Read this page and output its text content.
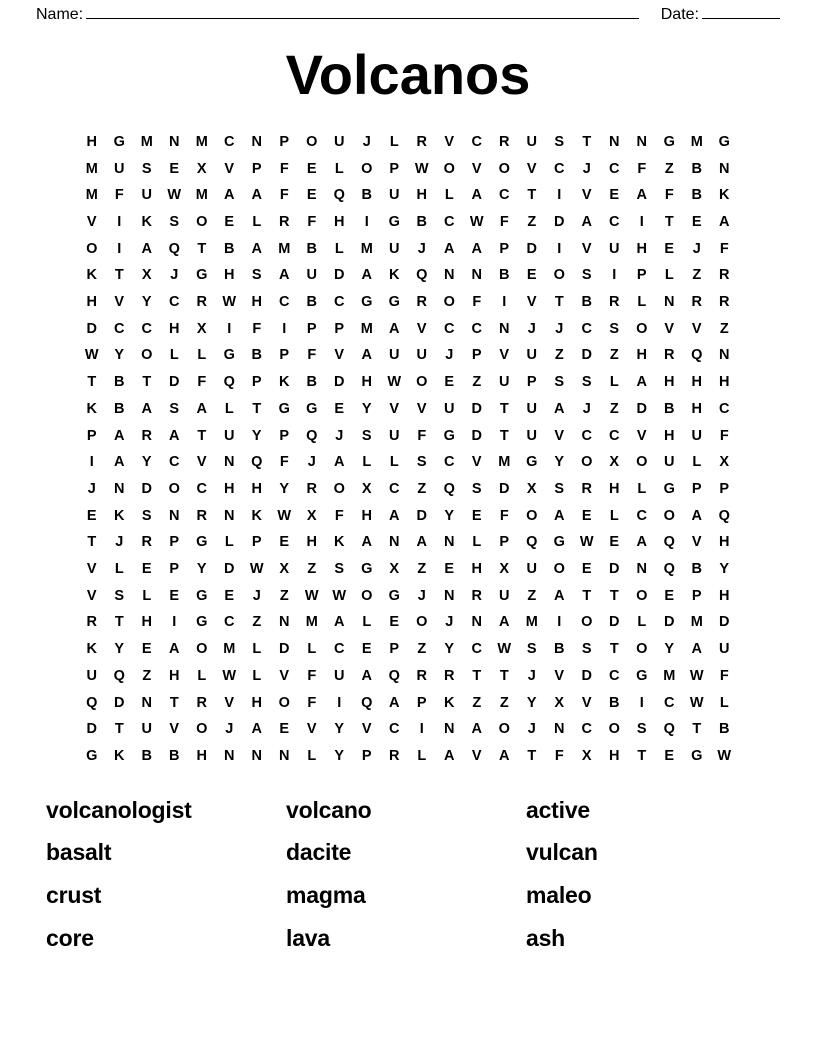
Name:	Date:
Volcanos
H	G	M	N	M	C	N	P	O	U	J	L	R	V	C	R	U	S	T	N	N	G	M	G
M	U	S	E	X	V	P	F	E	L	O	P	W	O	V	O	V	C	J	C	F	Z	B	N
M	F	U	W	M	A	A	F	E	Q	B	U	H	L	A	C	T	I	V	E	A	F	B	K
V	I	K	S	O	E	L	R	F	H	I	G	B	C	W	F	Z	D	A	C	I	T	E	A
O	I	A	Q	T	B	A	M	B	L	M	U	J	A	A	P	D	I	V	U	H	E	J	F
K	T	X	J	G	H	S	A	U	D	A	K	Q	N	N	B	E	O	S	I	P	L	Z	R
H	V	Y	C	R	W	H	C	B	C	G	G	R	O	F	I	V	T	B	R	L	N	R	R
D	C	C	H	X	I	F	I	P	P	M	A	V	C	C	N	J	J	C	S	O	V	V	Z
W	Y	O	L	L	G	B	P	F	V	A	U	U	J	P	V	U	Z	D	Z	H	R	Q	N
T	B	T	D	F	Q	P	K	B	D	H	W	O	E	Z	U	P	S	S	L	A	H	H	H
K	B	A	S	A	L	T	G	G	E	Y	V	V	U	D	T	U	A	J	Z	D	B	H	C
P	A	R	A	T	U	Y	P	Q	J	S	U	F	G	D	T	U	V	C	C	V	H	U	F
I	A	Y	C	V	N	Q	F	J	A	L	L	S	C	V	M	G	Y	O	X	O	U	L	X
J	N	D	O	C	H	H	Y	R	O	X	C	Z	Q	S	D	X	S	R	H	L	G	P	P
E	K	S	N	R	N	K	W	X	F	H	A	D	Y	E	F	O	A	E	L	C	O	A	Q
T	J	R	P	G	L	P	E	H	K	A	N	A	N	L	P	Q	G	W	E	A	Q	V	H
V	L	E	P	Y	D	W	X	Z	S	G	X	Z	E	H	X	U	O	E	D	N	Q	B	Y
V	S	L	E	G	E	J	Z	W	W	O	G	J	N	R	U	Z	A	T	T	O	E	P	H
R	T	H	I	G	C	Z	N	M	A	L	E	O	J	N	A	M	I	O	D	L	D	M	D
K	Y	E	A	O	M	L	D	L	C	E	P	Z	Y	C	W	S	B	S	T	O	Y	A	U
U	Q	Z	H	L	W	L	V	F	U	A	Q	R	R	T	T	J	V	D	C	G	M	W	F
Q	D	N	T	R	V	H	O	F	I	Q	A	P	K	Z	Z	Y	X	V	B	I	C	W	L
D	T	U	V	O	J	A	E	V	Y	V	C	I	N	A	O	J	N	C	O	S	Q	T	B
G	K	B	B	H	N	N	N	L	Y	P	R	L	A	V	A	T	F	X	H	T	E	G	W
volcanologist	volcano	active
basalt	dacite	vulcan
crust	magma	maleo
core	lava	ash
